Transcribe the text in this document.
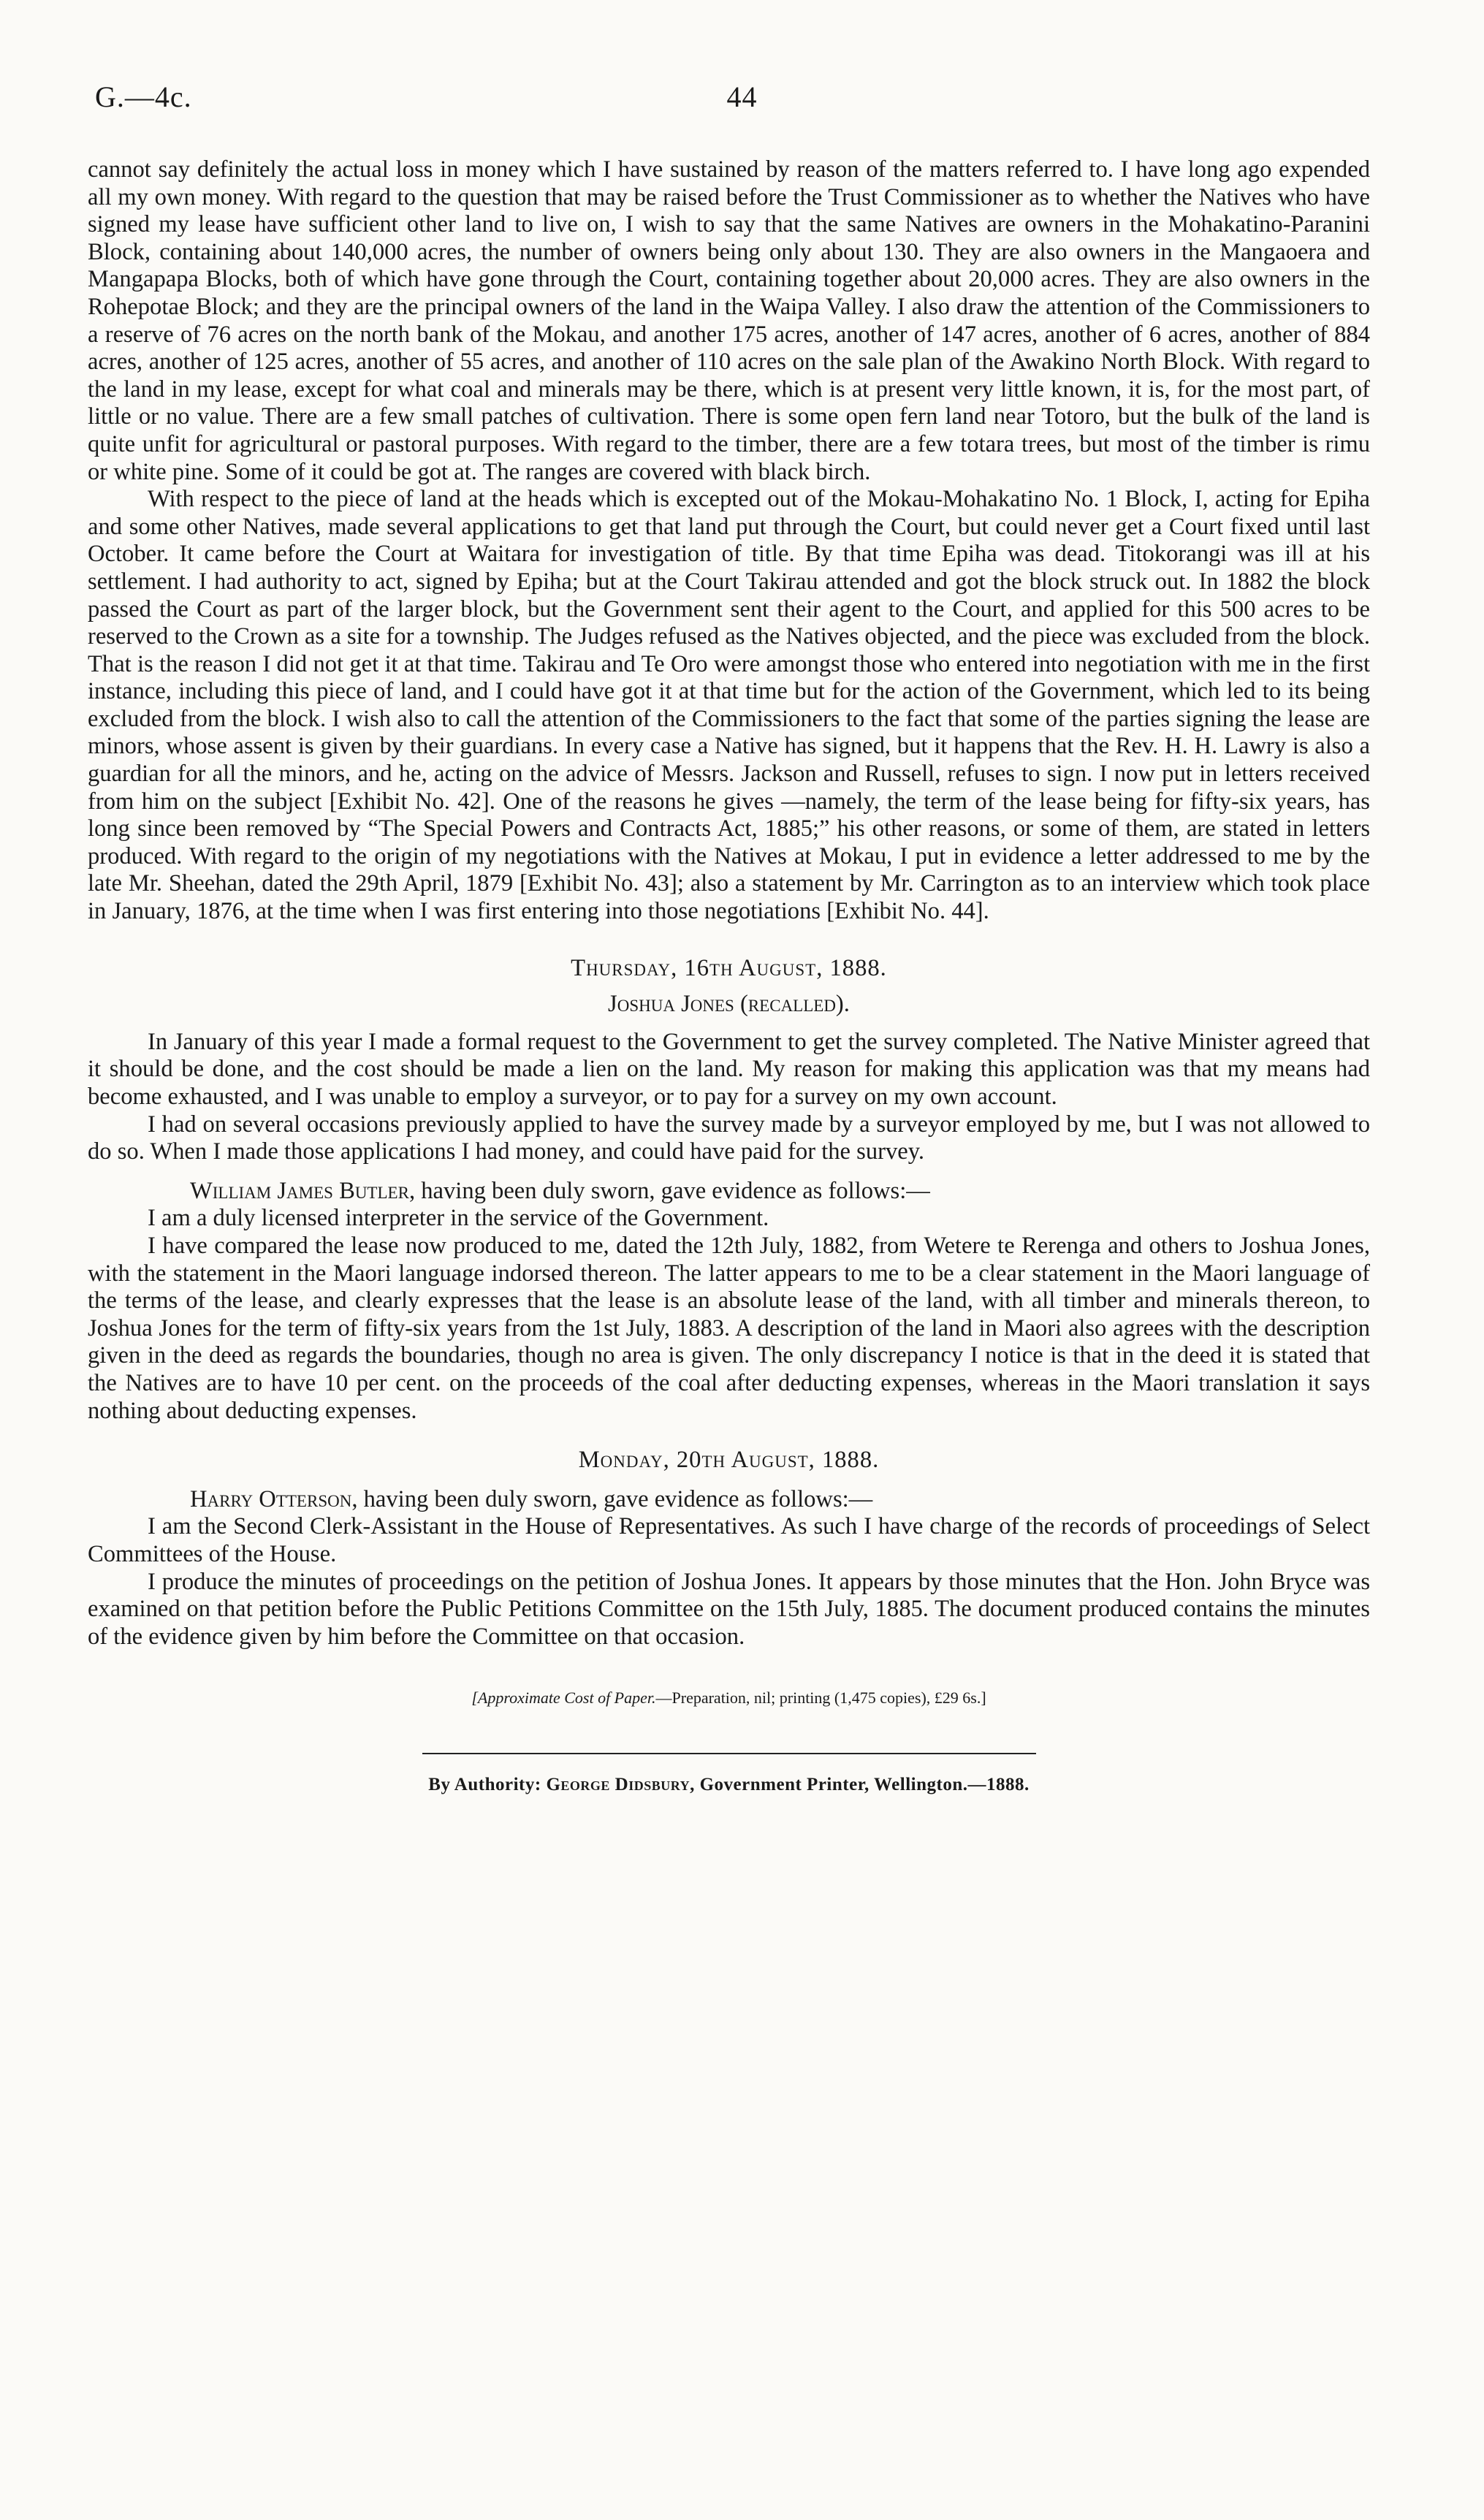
G.—4c.	44

cannot say definitely the actual loss in money which I have sustained by reason of the matters referred to. I have long ago expended all my own money. With regard to the question that may be raised before the Trust Commissioner as to whether the Natives who have signed my lease have sufficient other land to live on, I wish to say that the same Natives are owners in the Mohakatino-Paranini Block, containing about 140,000 acres, the number of owners being only about 130. They are also owners in the Mangaoera and Mangapapa Blocks, both of which have gone through the Court, containing together about 20,000 acres. They are also owners in the Rohepotae Block; and they are the principal owners of the land in the Waipa Valley. I also draw the attention of the Commissioners to a reserve of 76 acres on the north bank of the Mokau, and another 175 acres, another of 147 acres, another of 6 acres, another of 884 acres, another of 125 acres, another of 55 acres, and another of 110 acres on the sale plan of the Awakino North Block. With regard to the land in my lease, except for what coal and minerals may be there, which is at present very little known, it is, for the most part, of little or no value. There are a few small patches of cultivation. There is some open fern land near Totoro, but the bulk of the land is quite unfit for agricultural or pastoral purposes. With regard to the timber, there are a few totara trees, but most of the timber is rimu or white pine. Some of it could be got at. The ranges are covered with black birch.

With respect to the piece of land at the heads which is excepted out of the Mokau-Mohakatino No. 1 Block, I, acting for Epiha and some other Natives, made several applications to get that land put through the Court, but could never get a Court fixed until last October. It came before the Court at Waitara for investigation of title. By that time Epiha was dead. Titokorangi was ill at his settlement. I had authority to act, signed by Epiha; but at the Court Takirau attended and got the block struck out. In 1882 the block passed the Court as part of the larger block, but the Government sent their agent to the Court, and applied for this 500 acres to be reserved to the Crown as a site for a township. The Judges refused as the Natives objected, and the piece was excluded from the block. That is the reason I did not get it at that time. Takirau and Te Oro were amongst those who entered into negotiation with me in the first instance, including this piece of land, and I could have got it at that time but for the action of the Government, which led to its being excluded from the block. I wish also to call the attention of the Commissioners to the fact that some of the parties signing the lease are minors, whose assent is given by their guardians. In every case a Native has signed, but it happens that the Rev. H. H. Lawry is also a guardian for all the minors, and he, acting on the advice of Messrs. Jackson and Russell, refuses to sign. I now put in letters received from him on the subject [Exhibit No. 42]. One of the reasons he gives —namely, the term of the lease being for fifty-six years, has long since been removed by “The Special Powers and Contracts Act, 1885;” his other reasons, or some of them, are stated in letters produced. With regard to the origin of my negotiations with the Natives at Mokau, I put in evidence a letter addressed to me by the late Mr. Sheehan, dated the 29th April, 1879 [Exhibit No. 43]; also a statement by Mr. Carrington as to an interview which took place in January, 1876, at the time when I was first entering into those negotiations [Exhibit No. 44].

Thursday, 16th August, 1888.

Joshua Jones (recalled).

In January of this year I made a formal request to the Government to get the survey completed. The Native Minister agreed that it should be done, and the cost should be made a lien on the land. My reason for making this application was that my means had become exhausted, and I was unable to employ a surveyor, or to pay for a survey on my own account.

I had on several occasions previously applied to have the survey made by a surveyor employed by me, but I was not allowed to do so. When I made those applications I had money, and could have paid for the survey.

William James Butler, having been duly sworn, gave evidence as follows:—

I am a duly licensed interpreter in the service of the Government.

I have compared the lease now produced to me, dated the 12th July, 1882, from Wetere te Rerenga and others to Joshua Jones, with the statement in the Maori language indorsed thereon. The latter appears to me to be a clear statement in the Maori language of the terms of the lease, and clearly expresses that the lease is an absolute lease of the land, with all timber and minerals thereon, to Joshua Jones for the term of fifty-six years from the 1st July, 1883. A description of the land in Maori also agrees with the description given in the deed as regards the boundaries, though no area is given. The only discrepancy I notice is that in the deed it is stated that the Natives are to have 10 per cent. on the proceeds of the coal after deducting expenses, whereas in the Maori translation it says nothing about deducting expenses.

Monday, 20th August, 1888.

Harry Otterson, having been duly sworn, gave evidence as follows:—

I am the Second Clerk-Assistant in the House of Representatives. As such I have charge of the records of proceedings of Select Committees of the House.

I produce the minutes of proceedings on the petition of Joshua Jones. It appears by those minutes that the Hon. John Bryce was examined on that petition before the Public Petitions Committee on the 15th July, 1885. The document produced contains the minutes of the evidence given by him before the Committee on that occasion.

[Approximate Cost of Paper.—Preparation, nil; printing (1,475 copies), £29 6s.]

By Authority: George Didsbury, Government Printer, Wellington.—1888.
